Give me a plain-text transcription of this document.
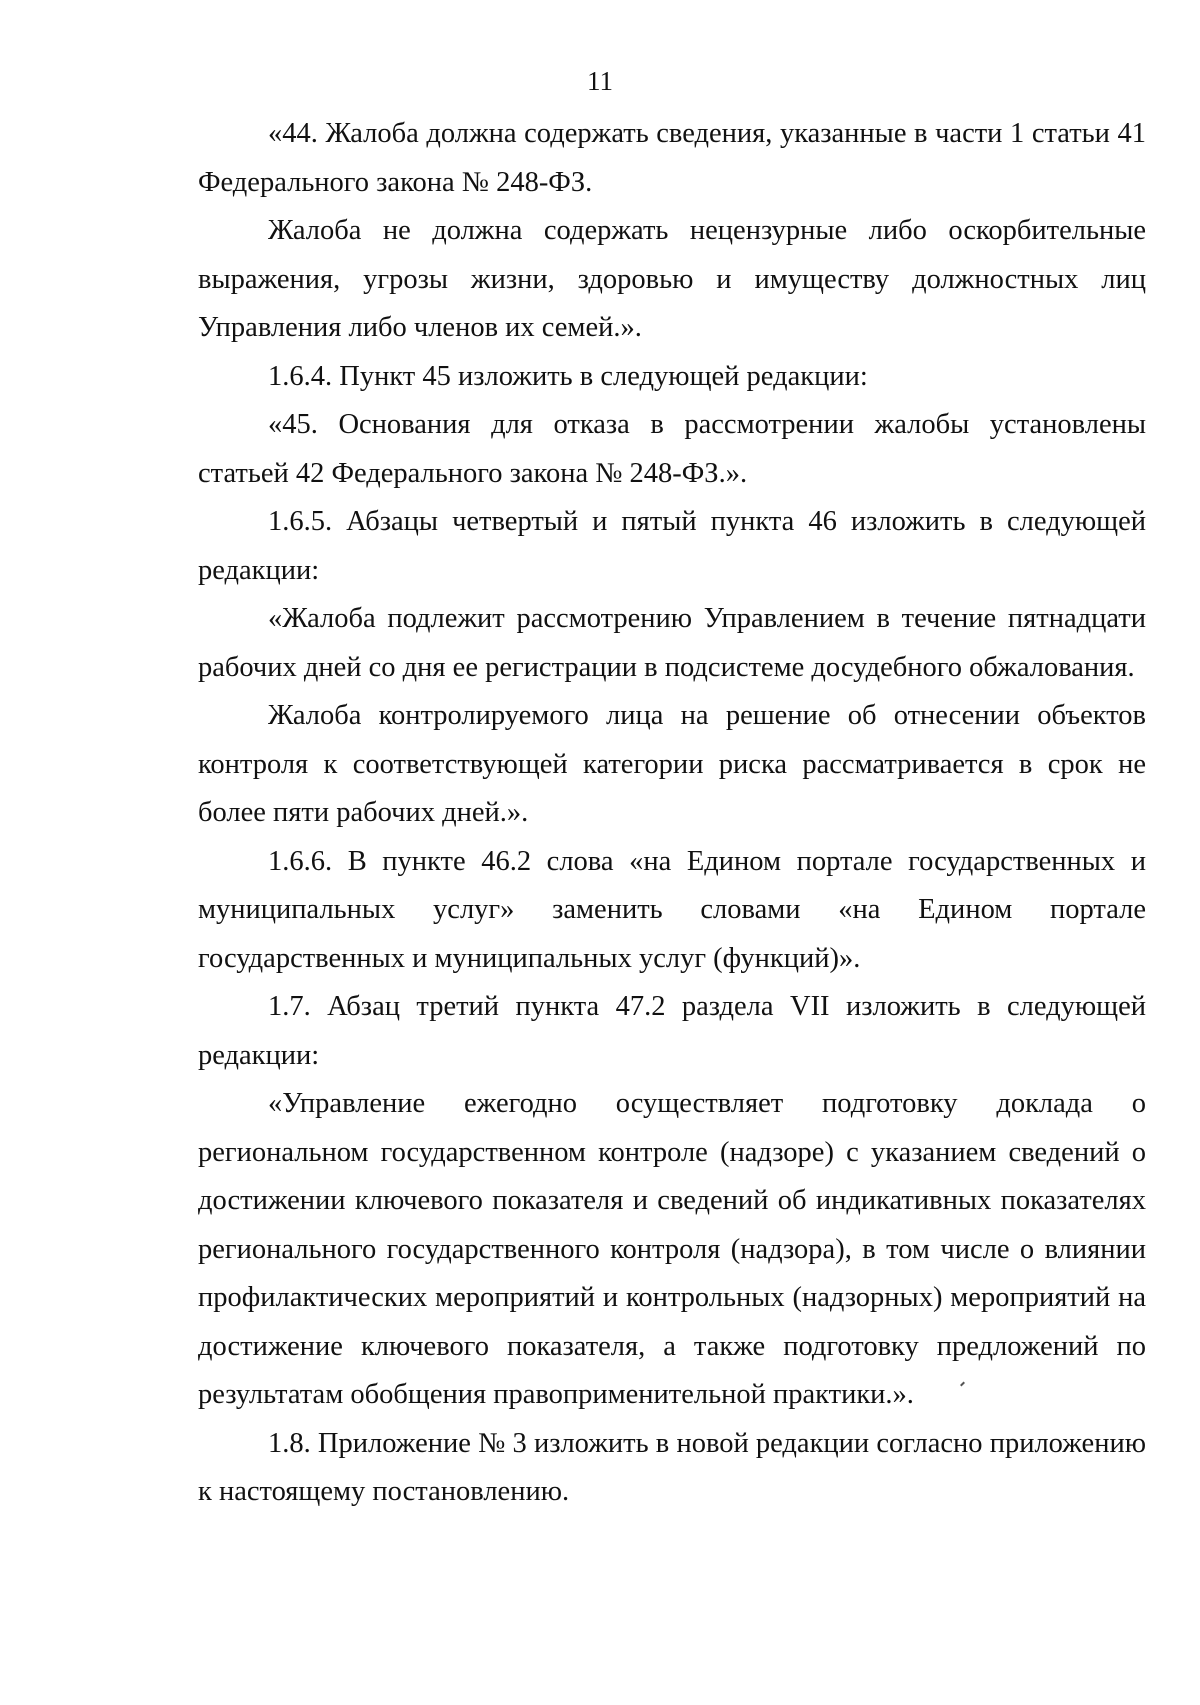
11

«44. Жалоба должна содержать сведения, указанные в части 1 статьи 41 Федерального закона № 248-ФЗ.

Жалоба не должна содержать нецензурные либо оскорбительные выражения, угрозы жизни, здоровью и имуществу должностных лиц Управления либо членов их семей.».

1.6.4. Пункт 45 изложить в следующей редакции:

«45. Основания для отказа в рассмотрении жалобы установлены статьей 42 Федерального закона № 248-ФЗ.».

1.6.5. Абзацы четвертый и пятый пункта 46 изложить в следующей редакции:

«Жалоба подлежит рассмотрению Управлением в течение пятнадцати рабочих дней со дня ее регистрации в подсистеме досудебного обжалования.

Жалоба контролируемого лица на решение об отнесении объектов контроля к соответствующей категории риска рассматривается в срок не более пяти рабочих дней.».

1.6.6. В пункте 46.2 слова «на Едином портале государственных и муниципальных услуг» заменить словами «на Едином портале государственных и муниципальных услуг (функций)».

1.7. Абзац третий пункта 47.2 раздела VII изложить в следующей редакции:

«Управление ежегодно осуществляет подготовку доклада о региональном государственном контроле (надзоре) с указанием сведений о достижении ключевого показателя и сведений об индикативных показателях регионального государственного контроля (надзора), в том числе о влиянии профилактических мероприятий и контрольных (надзорных) мероприятий на достижение ключевого показателя, а также подготовку предложений по результатам обобщения правоприменительной практики.».

1.8. Приложение № 3 изложить в новой редакции согласно приложению к настоящему постановлению.
